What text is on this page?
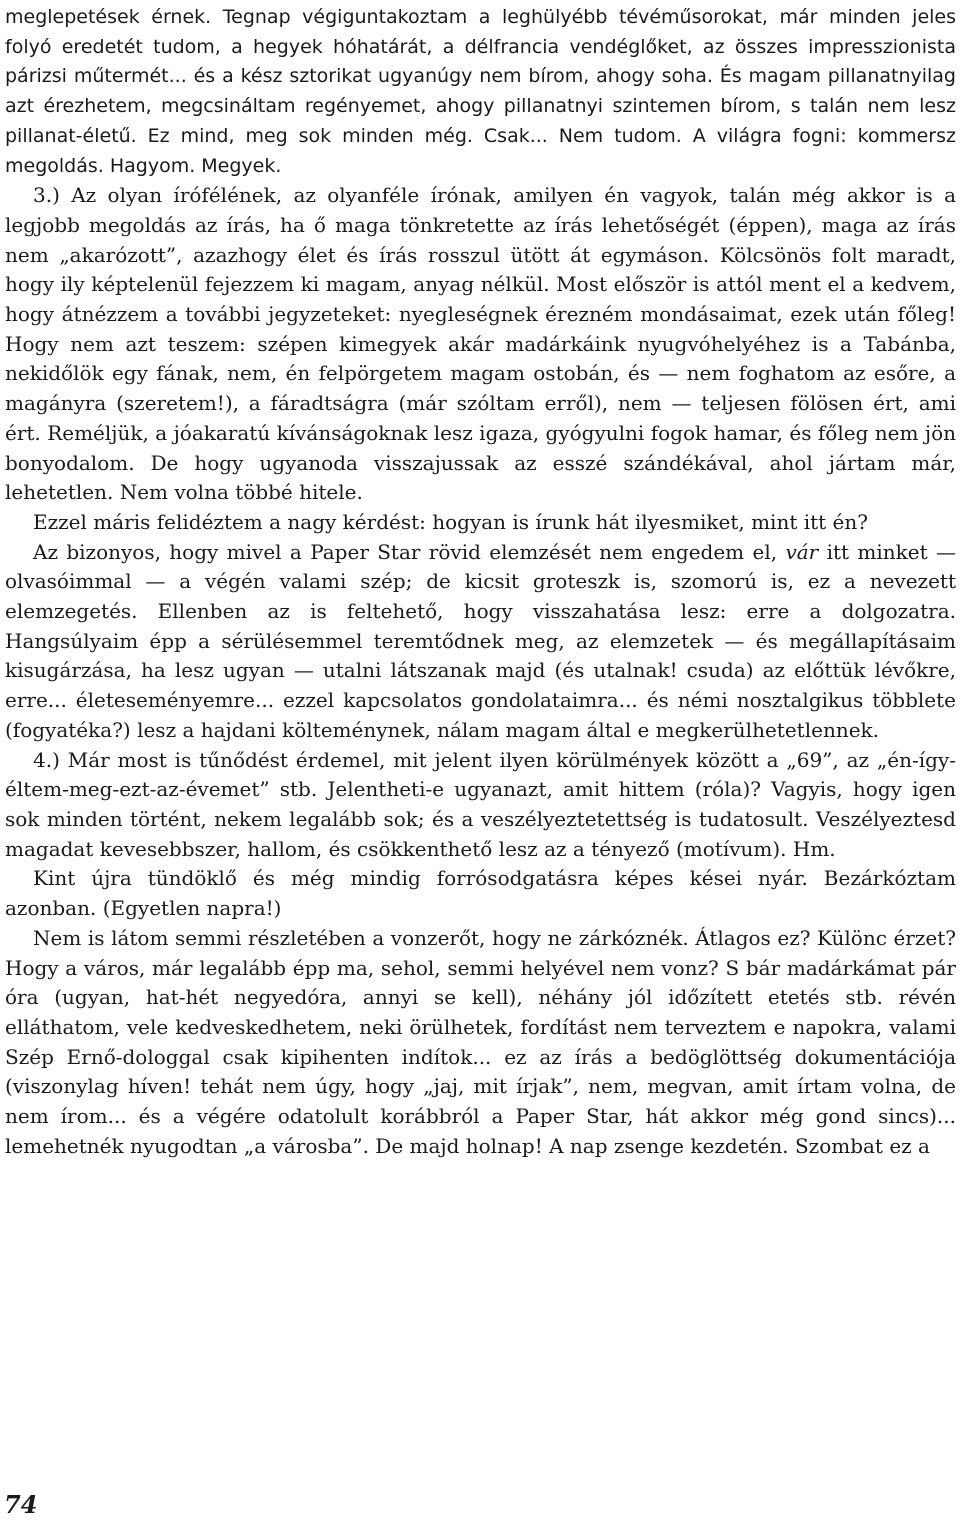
meglepetések érnek. Tegnap végiguntakoztam a leghülyébb tévéműsorokat, már minden jeles folyó eredetét tudom, a hegyek hóhatárát, a délfrancia vendéglőket, az összes impresszionista párizsi műtermét... és a kész sztorikat ugyanúgy nem bírom, ahogy soha. És magam pillanatnyilag azt érezhetem, megcsináltam regényemet, ahogy pillanatnyi szintemen bírom, s talán nem lesz pillanat-életű. Ez mind, meg sok minden még. Csak... Nem tudom. A világra fogni: kommersz megoldás. Hagyom. Megyek.

3.) Az olyan írófélének, az olyanféle írónak, amilyen én vagyok, talán még akkor is a legjobb megoldás az írás, ha ő maga tönkretette az írás lehetőségét (éppen), maga az írás nem „akarózott”, azazhogy élet és írás rosszul ütött át egymáson. Kölcsönös folt maradt, hogy ily képtelenül fejezzem ki magam, anyag nélkül. Most először is attól ment el a kedvem, hogy átnézzem a további jegyzeteket: nyegleségnek érezném mondásaimat, ezek után főleg! Hogy nem azt teszem: szépen kimegyek akár madárkáink nyugvóhelyéhez is a Tabánba, nekidőlök egy fának, nem, én felpörgetem magam ostobán, és — nem foghatom az esőre, a magányra (szeretem!), a fáradtságra (már szóltam erről), nem — teljesen fölösen ért, ami ért. Reméljük, a jóakaratú kívánságoknak lesz igaza, gyógyulni fogok hamar, és főleg nem jön bonyodalom. De hogy ugyanoda visszajussak az esszé szándékával, ahol jártam már, lehetetlen. Nem volna többé hitele.

Ezzel máris felidéztem a nagy kérdést: hogyan is írunk hát ilyesmiket, mint itt én?

Az bizonyos, hogy mivel a Paper Star rövid elemzését nem engedem el, vár itt minket — olvasóimmal — a végén valami szép; de kicsit groteszk is, szomorú is, ez a nevezett elemzegetés. Ellenben az is feltehető, hogy visszahatása lesz: erre a dolgozatra. Hangsúlyaim épp a sérülésemmel teremtődnek meg, az elemzetek — és megállapításaim kisugárzása, ha lesz ugyan — utalni látszanak majd (és utalnak! csuda) az előttük lévőkre, erre... életeseményemre... ezzel kapcsolatos gondolataimra... és némi nosztalgikus többlete (fogyatéka?) lesz a hajdani költeménynek, nálam magam által e megkerülhetetlennek.

4.) Már most is tűnődést érdemel, mit jelent ilyen körülmények között a „69”, az „én-így-éltem-meg-ezt-az-évemet” stb. Jelentheti-e ugyanazt, amit hittem (róla)? Vagyis, hogy igen sok minden történt, nekem legalább sok; és a veszélyeztetettség is tudatosult. Veszélyeztesd magadat kevesebbszer, hallom, és csökkenthető lesz az a tényező (motívum). Hm.

Kint újra tündöklő és még mindig forrósodgatásra képes kései nyár. Bezárkóztam azonban. (Egyetlen napra!)

Nem is látom semmi részletében a vonzerőt, hogy ne zárkóznék. Átlagos ez? Különc érzet? Hogy a város, már legalább épp ma, sehol, semmi helyével nem vonz? S bár madárkámat pár óra (ugyan, hat-hét negyedóra, annyi se kell), néhány jól időzített etetés stb. révén elláthatom, vele kedveskedhetem, neki örülhetek, fordítást nem terveztem e napokra, valami Szép Ernő-dologgal csak kipihenten indítok... ez az írás a bedöglöttség dokumentációja (viszonylag híven! tehát nem úgy, hogy „jaj, mit írjak”, nem, megvan, amit írtam volna, de nem írom... és a végére odatolult korábbról a Paper Star, hát akkor még gond sincs)... lemehetnék nyugodtan „a városba”. De majd holnap! A nap zsenge kezdetén. Szombat ez a

74
